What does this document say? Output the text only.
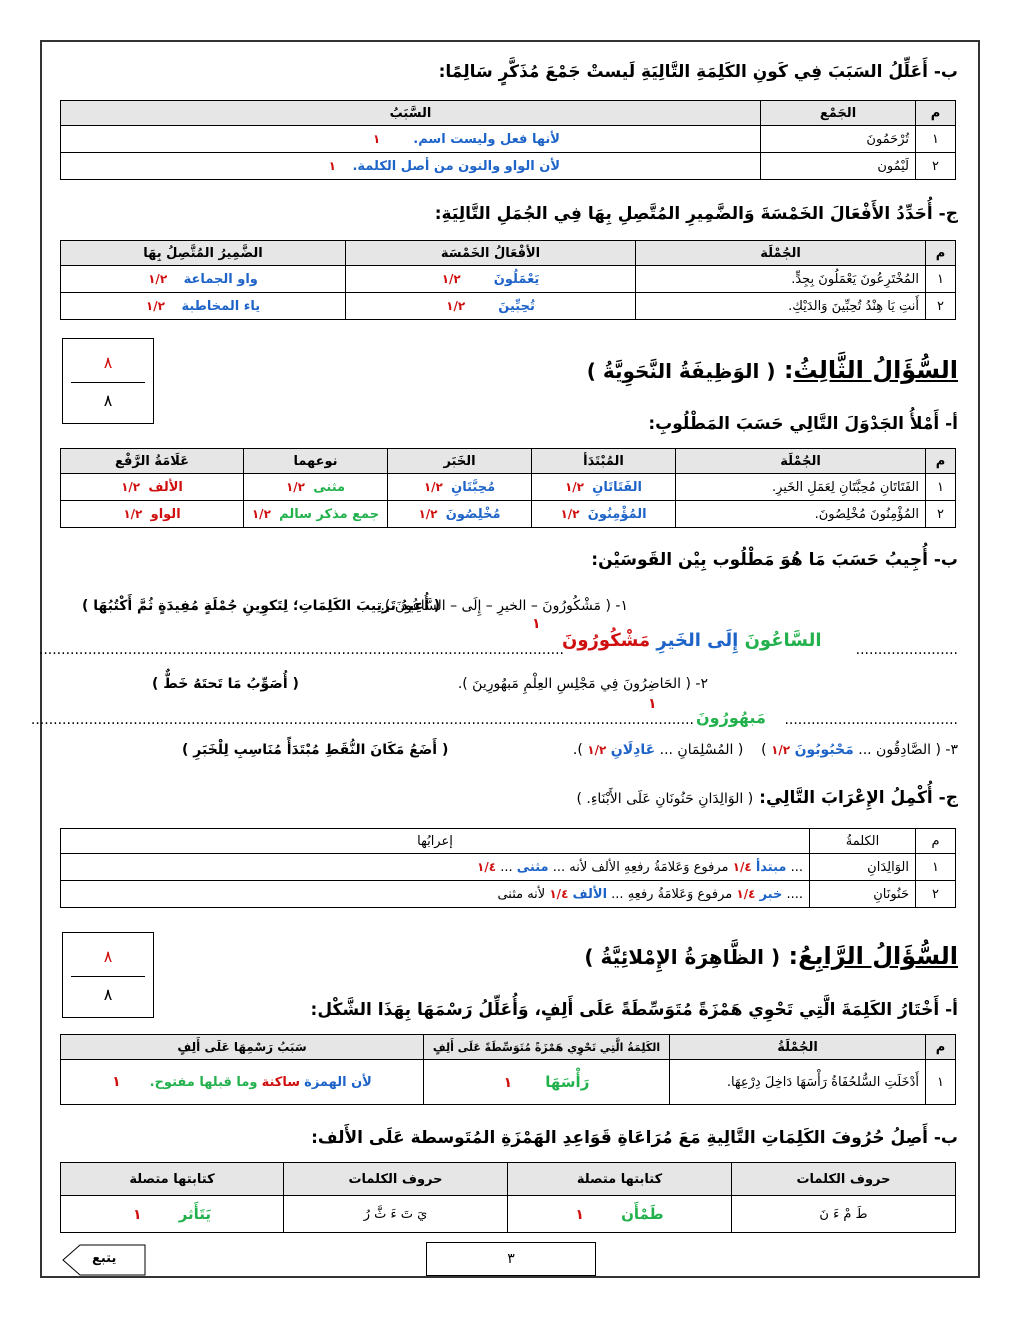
ب- أَعَلِّلُ السَبَبَ فِي كَونِ الكَلِمَةِ التَّالِيَةِ لَيستْ جَمْعَ مُذَكَّرٍ سَالِمًا:
م	الجَمْع	السَّبَبُ
١	تُرْحَمُونَ	لأنها فعل وليست اسم.        ١
٢	لَيْمُون	لأن الواو والنون من أصل الكلمة.    ١
ج- أُحَدِّدُ الأَفْعَالَ الخَمْسَةَ وَالضَّمِيرِ المُتَّصِلِ بِهَا فِي الجُمَلِ التَّالِيَةِ:
م	الجُمْلَة	الأفْعَالُ الخَمْسَة	الضَّمِيرُ المُتَّصِلُ بِهَا
١	المُخْتَرِعُونَ يَعْمَلُونَ بِجِدٍّ.	يَعْمَلُونَ        ١/٢	واو الجماعة    ١/٢
٢	أَنتِ يَا هِنْدُ تُحِبِّينَ وَالدَيْكِ.	تُحِبِّينَ        ١/٢	ياء المخاطبة    ١/٢
٨
٨
السُّؤَالُ الثَّالِثُ: ( الوَظِيفَةُ النَّحَوِيَّةُ )
أ- أَمْلأُ الجَدْوَلَ التَّالِي حَسَبَ المَطْلُوبِ:
م	الجُمْلَة	المُبْتَدَأ	الخَبَر	نوعهما	عَلَامَةُ الرَّفْع
١	الفَتَاتَانِ مُحِبَّتَانِ لِعَمَلِ الخَيرِ.	الفَتَاتَانِ  ١/٢	مُحِبَّتَانِ  ١/٢	مثنى  ١/٢	الألف  ١/٢
٢	المُؤْمِنُونَ مُخْلِصُونَ.	المُؤْمِنُونَ  ١/٢	مُخْلِصُونَ  ١/٢	جمع مذكر سالم  ١/٢	الواو  ١/٢
ب- أُجِيبُ حَسَبَ مَا هُوَ مَطْلُوب بِيْن القَوسَيْن:
١- ( مَشْكُورُونَ – الخيرِ – إِلَى – السَّاعُونَ ).
( أُعِيدُ تَرتِيبَ الكَلِمَاتِ؛ لِتَكوِينِ جُمْلَةٍ مُفِيدَةٍ ثُمَّ أَكْتُبُهَا )
١
السَّاعُونَ إِلَى الخَيرِ مَشْكُورُونَ
......................................................................................................................	.......................
٢- ( الحَاضِرُونَ فِي مَجْلِسِ العِلْمِ مَبهُورِينَ ).
( أُصَوِّبُ مَا تَحتَهُ خَطٌّ )
١
مَبهُورُونَ
.....................................................................................................................................................	.......................................
٣- ( الصَّادِقُون ... مَحْبُوبُونَ ١/٢ )    ( المُسْلِمَانِ ... عَادِلَانِ ١/٢ ).
( أَضَعُ مَكَانَ النُّقَطِ مُبْتَدَأً مُنَاسِبِ لِلْخَبَرِ )
ج- أُكْمِلُ الإِعْرَابَ التَّالِي: ( الوَالِدَانِ حَنُونَانِ عَلَى الأَبْنَاءِ. )
م	الكلمةُ	إعرابُها
١	الوَالِدَانِ	... مبتدأ ١/٤ مرفوع وَعَلامَةُ رفعِهِ الألف لأنه ... مثنى ... ١/٤
٢	حَنُونَانِ	.... خبر ١/٤ مرفوع وَعَلامَةُ رفعِهِ ... الألف ١/٤ لأنه مثنى
٨
٨
السُّؤَالُ الرَّابِعُ: ( الظَّاهِرَةُ الإِمْلائِيَّةُ )
أ- أَخْتَارُ الكَلِمَةَ الَّتِي تَحْوِي هَمْزَةً مُتَوَسِّطَةً عَلَى أَلِفٍ، وَأُعَلِّلُ رَسْمَهَا بِهَذَا الشَّكْل:
م	الجُمْلَةُ	الكَلِمَةُ الَّتِي تَحْوِي هَمْزَةً مُتَوَسِّطَةً عَلَى أَلِفٍ	سَبَبُ رَسْمِهَا عَلَى أَلِفٍ
١	أَدْخَلَتِ السُّلحُفَاةُ رَأْسَهَا دَاخِلَ دِرْعِهَا.	رَأْسَهَا        ١	لأن الهمزة ساكنة وما قبلها مفتوح.       ١
ب- أَصِلُ حُرُوفَ الكَلِمَاتِ التَّالِيةِ مَعَ مُرَاعَاةِ قَوَاعِدِ الهَمْزَةِ المُتَوسطة عَلَى الأَلف:
حروف الكلمات	كتابتها متصلة	حروف الكلمات	كتابتها متصلة
طَ مْ ءَ نَ	طَمْأَن         ١	يَ تَ ءَ ثَّ رُ	يَتَأَثر         ١
٣
يتبع
